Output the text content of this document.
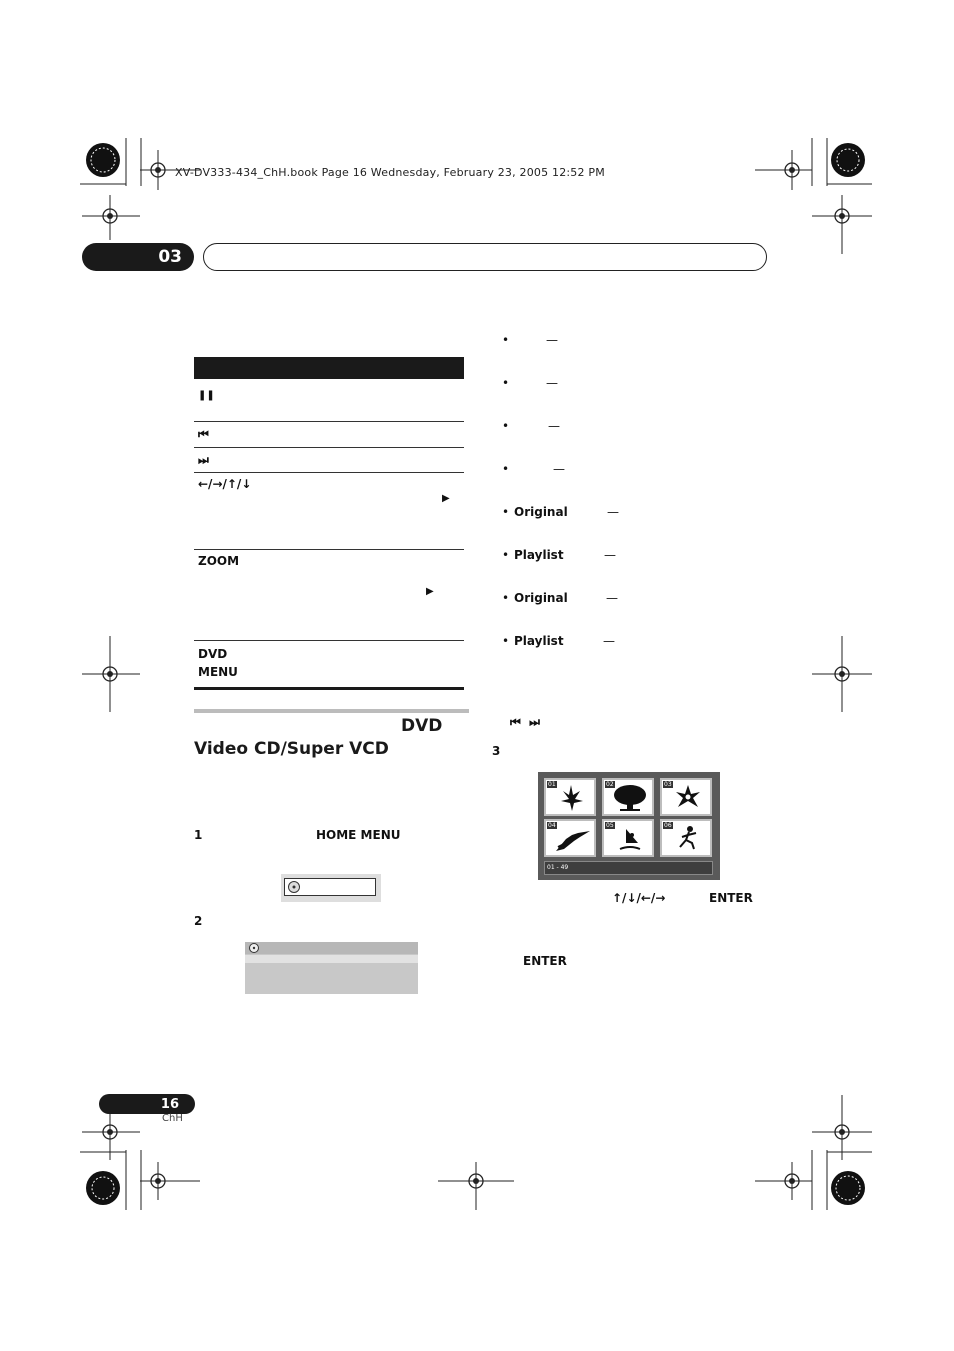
XV-DV333-434_ChH.book Page 16 Wednesday, February 23, 2005 12:52 PM
03
❚❚
⏮
⏭
←/→/↑/↓
▶
ZOOM
▶
DVD
MENU
DVD
Video CD/Super VCD
1	HOME MENU
2
•	—
•	—
•	—
•	—
• Original	—
• Playlist	—
• Original	—
• Playlist	—
⏮  ⏭
3
01	02	03
04	05	06
01 - 49
↑/↓/←/→	ENTER
ENTER
16
ChH
